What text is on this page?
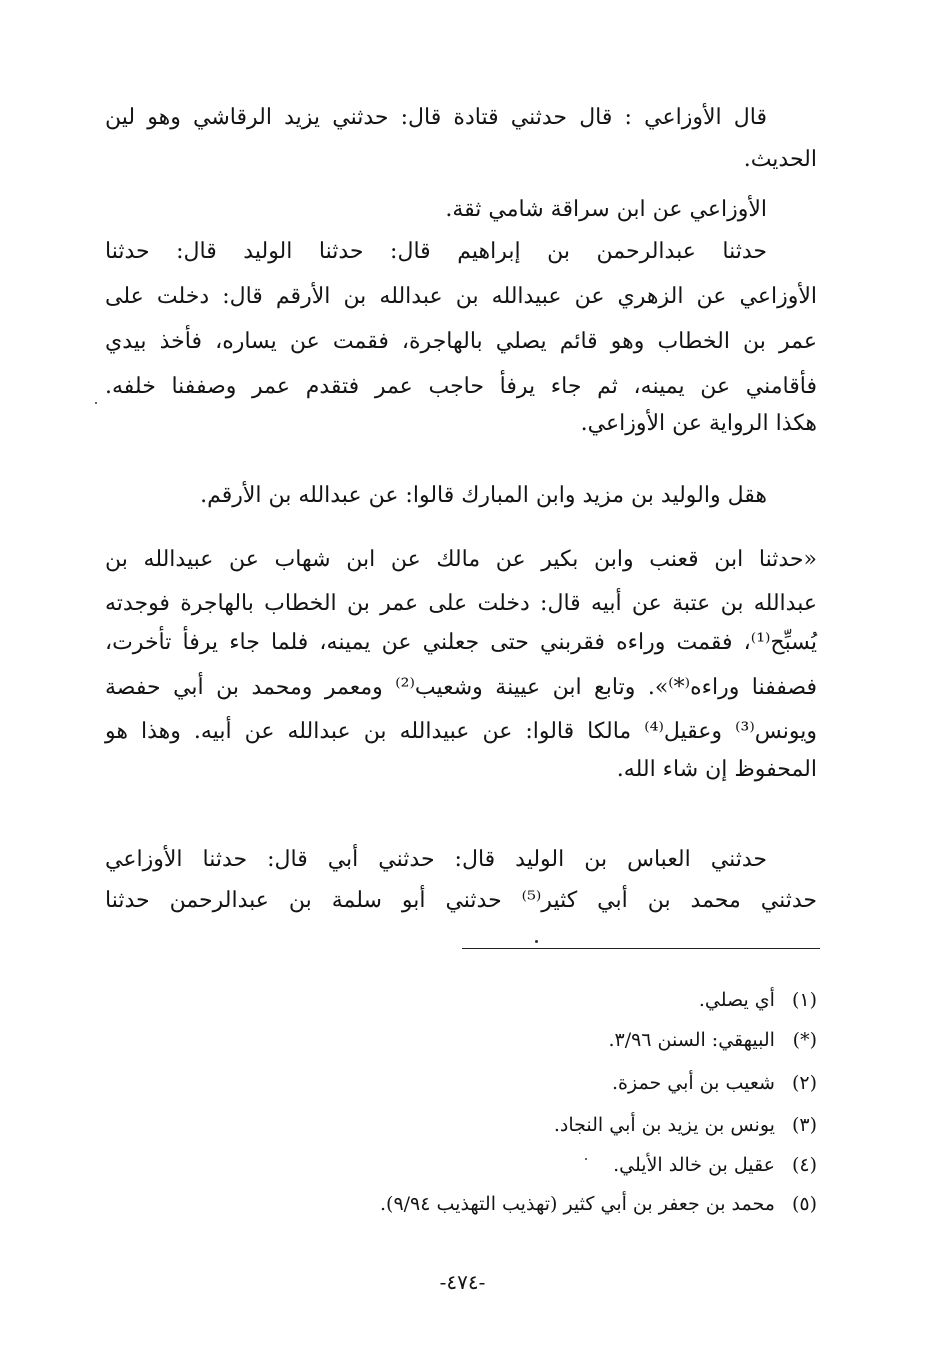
قال الأوزاعي : قال حدثني قتادة قال: حدثني يزيد الرقاشي وهو لين
الحديث.
الأوزاعي عن ابن سراقة شامي ثقة.
حدثنا عبدالرحمن بن إبراهيم قال: حدثنا الوليد قال: حدثنا
الأوزاعي عن الزهري عن عبيدالله بن عبدالله بن الأرقم قال: دخلت على
عمر بن الخطاب وهو قائم يصلي بالهاجرة، فقمت عن يساره، فأخذ بيدي
فأقامني عن يمينه، ثم جاء يرفأ حاجب عمر فتقدم عمر وصففنا خلفه.
هكذا الرواية عن الأوزاعي.
هقل والوليد بن مزيد وابن المبارك قالوا: عن عبدالله بن الأرقم.
«حدثنا ابن قعنب وابن بكير عن مالك عن ابن شهاب عن عبيدالله بن
عبدالله بن عتبة عن أبيه قال: دخلت على عمر بن الخطاب بالهاجرة فوجدته
يُسبِّح⁽¹⁾، فقمت وراءه فقربني حتى جعلني عن يمينه، فلما جاء يرفأ تأخرت،
فصففنا وراءه⁽*⁾». وتابع ابن عيينة وشعيب⁽²⁾ ومعمر ومحمد بن أبي حفصة
ويونس⁽³⁾ وعقيل⁽⁴⁾ مالكا قالوا: عن عبيدالله بن عبدالله عن أبيه. وهذا هو
المحفوظ إن شاء الله.
حدثني العباس بن الوليد قال: حدثني أبي قال: حدثنا الأوزاعي
حدثني محمد بن أبي كثير⁽⁵⁾ حدثني أبو سلمة بن عبدالرحمن حدثنا
(١) أي يصلي.
(*) البيهقي: السنن ٣/٩٦.
(٢) شعيب بن أبي حمزة.
(٣) يونس بن يزيد بن أبي النجاد.
(٤) عقيل بن خالد الأيلي.
(٥) محمد بن جعفر بن أبي كثير (تهذيب التهذيب ٩/٩٤).
-٤٧٤-
